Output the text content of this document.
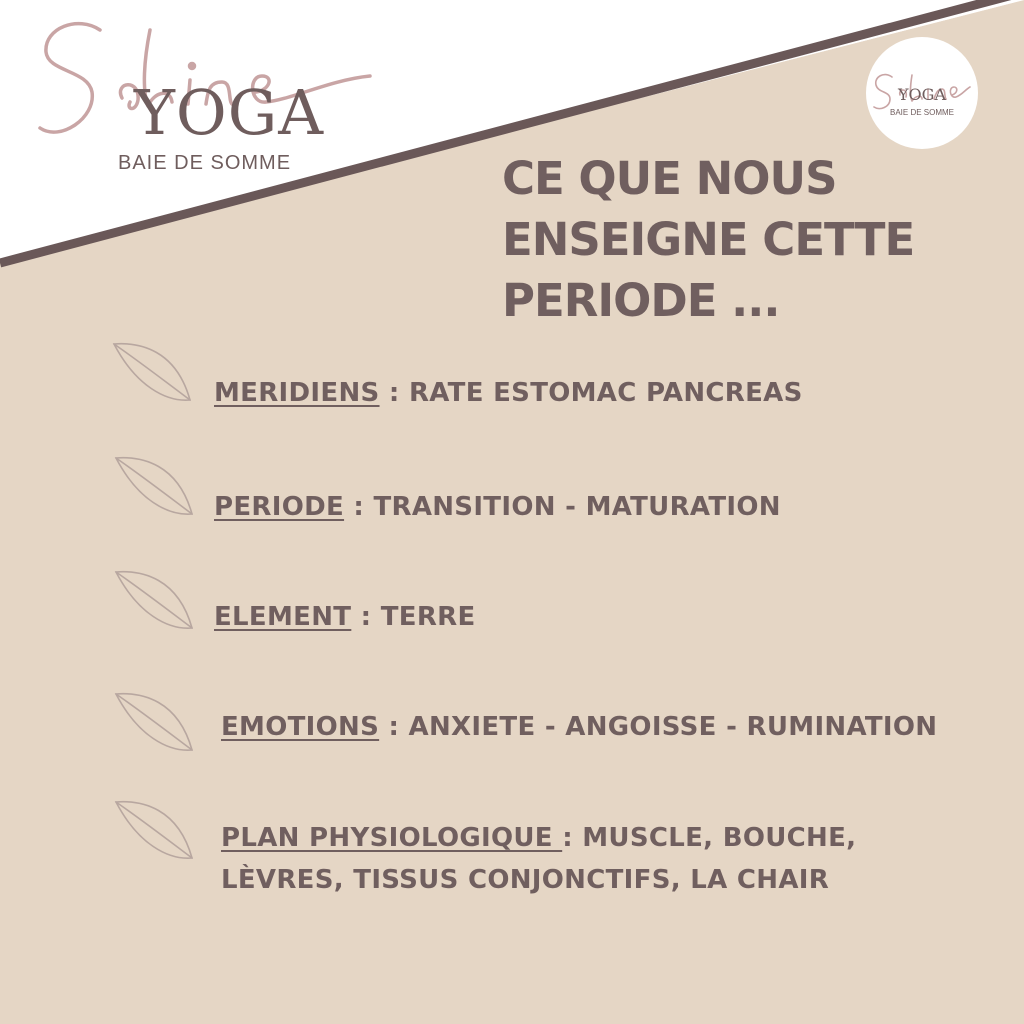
YOGA
BAIE DE SOMME
YOGA
BAIE DE SOMME
CE QUE NOUS
ENSEIGNE CETTE
PERIODE ...
MERIDIENS : RATE ESTOMAC PANCREAS
PERIODE : TRANSITION - MATURATION
ELEMENT : TERRE
EMOTIONS : ANXIETE - ANGOISSE - RUMINATION
PLAN PHYSIOLOGIQUE : MUSCLE, BOUCHE,
LÈVRES, TISSUS CONJONCTIFS, LA CHAIR
